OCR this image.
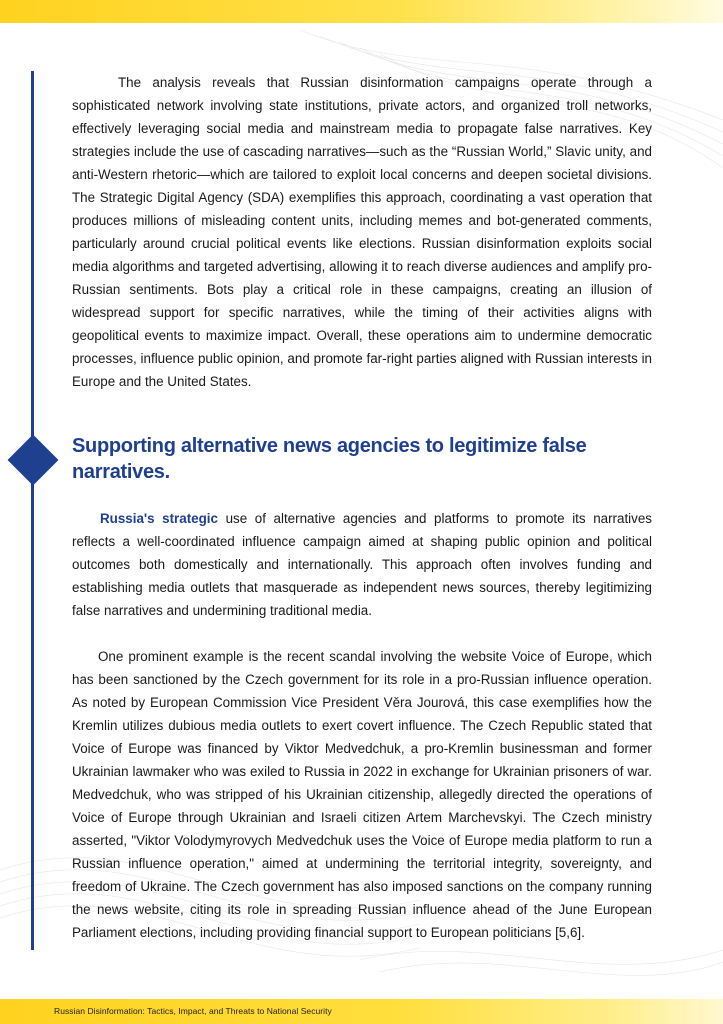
The analysis reveals that Russian disinformation campaigns operate through a sophisticated network involving state institutions, private actors, and organized troll networks, effectively leveraging social media and mainstream media to propagate false narratives. Key strategies include the use of cascading narratives—such as the “Russian World,” Slavic unity, and anti-Western rhetoric—which are tailored to exploit local concerns and deepen societal divisions. The Strategic Digital Agency (SDA) exemplifies this approach, coordinating a vast operation that produces millions of misleading content units, including memes and bot-generated comments, particularly around crucial political events like elections. Russian disinformation exploits social media algorithms and targeted advertising, allowing it to reach diverse audiences and amplify pro-Russian sentiments. Bots play a critical role in these campaigns, creating an illusion of widespread support for specific narratives, while the timing of their activities aligns with geopolitical events to maximize impact. Overall, these operations aim to undermine democratic processes, influence public opinion, and promote far-right parties aligned with Russian interests in Europe and the United States.

Supporting alternative news agencies to legitimize false narratives.

Russia's strategic use of alternative agencies and platforms to promote its narratives reflects a well-coordinated influence campaign aimed at shaping public opinion and political outcomes both domestically and internationally. This approach often involves funding and establishing media outlets that masquerade as independent news sources, thereby legitimizing false narratives and undermining traditional media.

One prominent example is the recent scandal involving the website Voice of Europe, which has been sanctioned by the Czech government for its role in a pro-Russian influence operation. As noted by European Commission Vice President Věra Jourová, this case exemplifies how the Kremlin utilizes dubious media outlets to exert covert influence. The Czech Republic stated that Voice of Europe was financed by Viktor Medvedchuk, a pro-Kremlin businessman and former Ukrainian lawmaker who was exiled to Russia in 2022 in exchange for Ukrainian prisoners of war. Medvedchuk, who was stripped of his Ukrainian citizenship, allegedly directed the operations of Voice of Europe through Ukrainian and Israeli citizen Artem Marchevskyi. The Czech ministry asserted, "Viktor Volodymyrovych Medvedchuk uses the Voice of Europe media platform to run a Russian influence operation," aimed at undermining the territorial integrity, sovereignty, and freedom of Ukraine. The Czech government has also imposed sanctions on the company running the news website, citing its role in spreading Russian influence ahead of the June European Parliament elections, including providing financial support to European politicians [5,6].

Russian Disinformation: Tactics, Impact, and Threats to National Security
